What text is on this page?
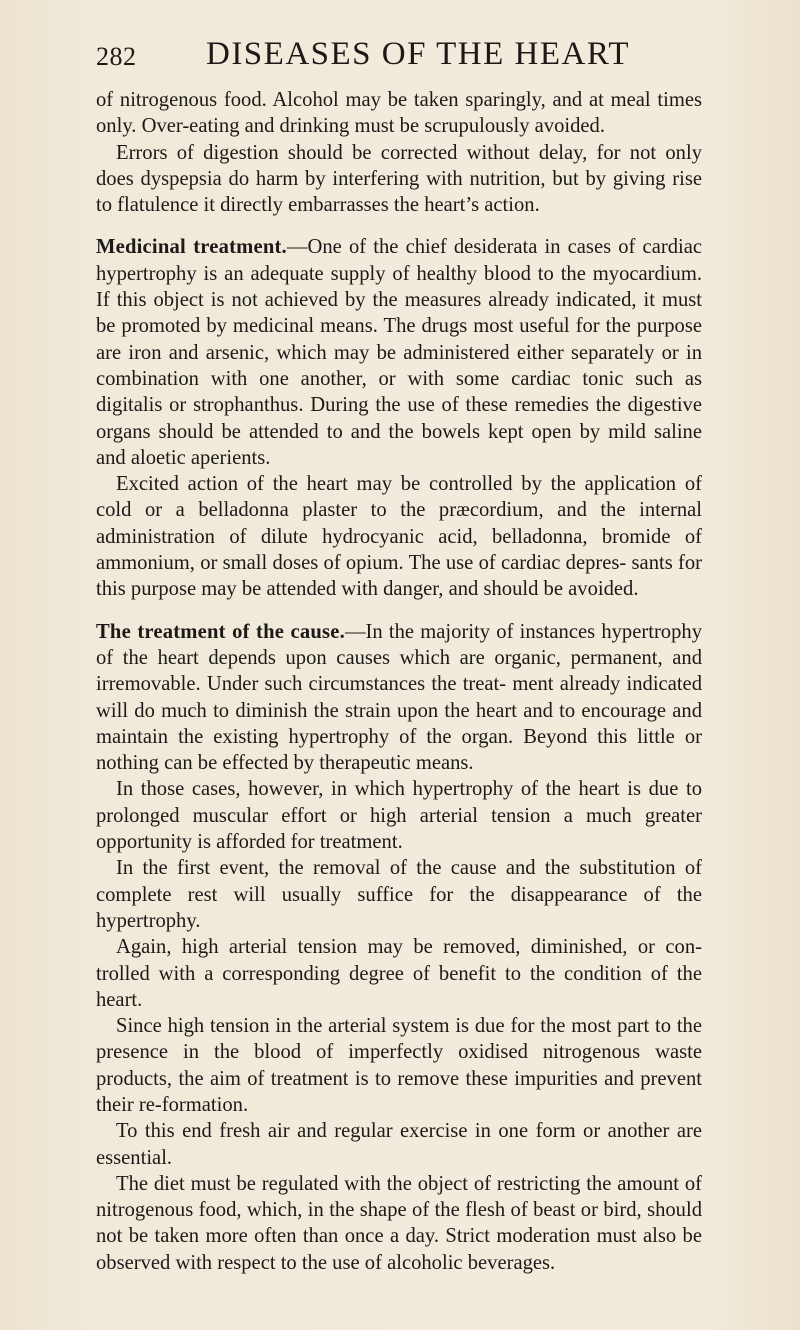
282	DISEASES OF THE HEART

of nitrogenous food. Alcohol may be taken sparingly, and at meal times only. Over-eating and drinking must be scrupulously avoided.

Errors of digestion should be corrected without delay, for not only does dyspepsia do harm by interfering with nutrition, but by giving rise to flatulence it directly embarrasses the heart’s action.

Medicinal treatment.—One of the chief desiderata in cases of cardiac hypertrophy is an adequate supply of healthy blood to the myocardium. If this object is not achieved by the measures already indicated, it must be promoted by medicinal means. The drugs most useful for the purpose are iron and arsenic, which may be administered either separately or in combination with one another, or with some cardiac tonic such as digitalis or strophanthus. During the use of these remedies the digestive organs should be attended to and the bowels kept open by mild saline and aloetic aperients.

Excited action of the heart may be controlled by the application of cold or a belladonna plaster to the præcordium, and the internal administration of dilute hydrocyanic acid, belladonna, bromide of ammonium, or small doses of opium. The use of cardiac depres- sants for this purpose may be attended with danger, and should be avoided.

The treatment of the cause.—In the majority of instances hypertrophy of the heart depends upon causes which are organic, permanent, and irremovable. Under such circumstances the treat- ment already indicated will do much to diminish the strain upon the heart and to encourage and maintain the existing hypertrophy of the organ. Beyond this little or nothing can be effected by therapeutic means.

In those cases, however, in which hypertrophy of the heart is due to prolonged muscular effort or high arterial tension a much greater opportunity is afforded for treatment.

In the first event, the removal of the cause and the substitution of complete rest will usually suffice for the disappearance of the hypertrophy.

Again, high arterial tension may be removed, diminished, or con- trolled with a corresponding degree of benefit to the condition of the heart.

Since high tension in the arterial system is due for the most part to the presence in the blood of imperfectly oxidised nitrogenous waste products, the aim of treatment is to remove these impurities and prevent their re-formation.

To this end fresh air and regular exercise in one form or another are essential.

The diet must be regulated with the object of restricting the amount of nitrogenous food, which, in the shape of the flesh of beast or bird, should not be taken more often than once a day. Strict moderation must also be observed with respect to the use of alcoholic beverages.
